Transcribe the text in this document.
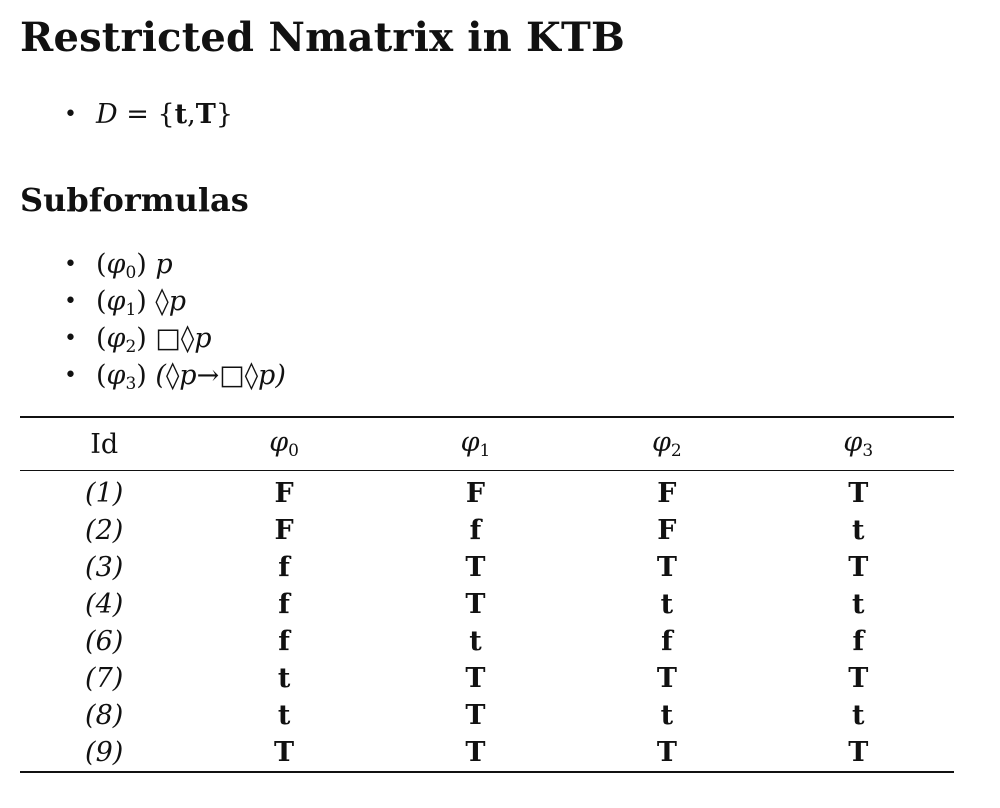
Restricted Nmatrix in KTB
• D = {t,T}
Subformulas
• $(\varphi_0)$ p
• $(\varphi_1)$ ◊p
• $(\varphi_2)$ □◊p
• $(\varphi_3)$ (◊p→□◊p)
Id	$\varphi_0$	$\varphi_1$	$\varphi_2$	$\varphi_3$
(1)	F	F	F	T
(2)	F	f	F	t
(3)	f	T	T	T
(4)	f	T	t	t
(6)	f	t	f	f
(7)	t	T	T	T
(8)	t	T	t	t
(9)	T	T	T	T
